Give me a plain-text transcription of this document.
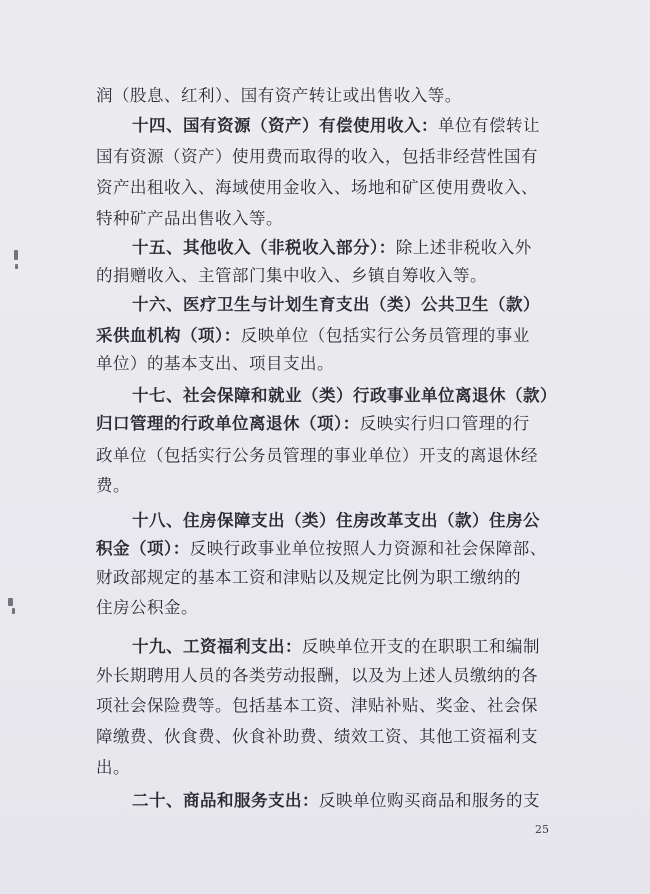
润（股息、红利）、国有资产转让或出售收入等。
十四、国有资源（资产）有偿使用收入：单位有偿转让
国有资源（资产）使用费而取得的收入，包括非经营性国有
资产出租收入、海域使用金收入、场地和矿区使用费收入、
特种矿产品出售收入等。
十五、其他收入（非税收入部分）：除上述非税收入外
的捐赠收入、主管部门集中收入、乡镇自筹收入等。
十六、医疗卫生与计划生育支出（类）公共卫生（款）
采供血机构（项）：反映单位（包括实行公务员管理的事业
单位）的基本支出、项目支出。
十七、社会保障和就业（类）行政事业单位离退休（款）
归口管理的行政单位离退休（项）：反映实行归口管理的行
政单位（包括实行公务员管理的事业单位）开支的离退休经
费。
十八、住房保障支出（类）住房改革支出（款）住房公
积金（项）：反映行政事业单位按照人力资源和社会保障部、
财政部规定的基本工资和津贴以及规定比例为职工缴纳的
住房公积金。
十九、工资福利支出：反映单位开支的在职职工和编制
外长期聘用人员的各类劳动报酬，以及为上述人员缴纳的各
项社会保险费等。包括基本工资、津贴补贴、奖金、社会保
障缴费、伙食费、伙食补助费、绩效工资、其他工资福利支
出。
二十、商品和服务支出：反映单位购买商品和服务的支
25
